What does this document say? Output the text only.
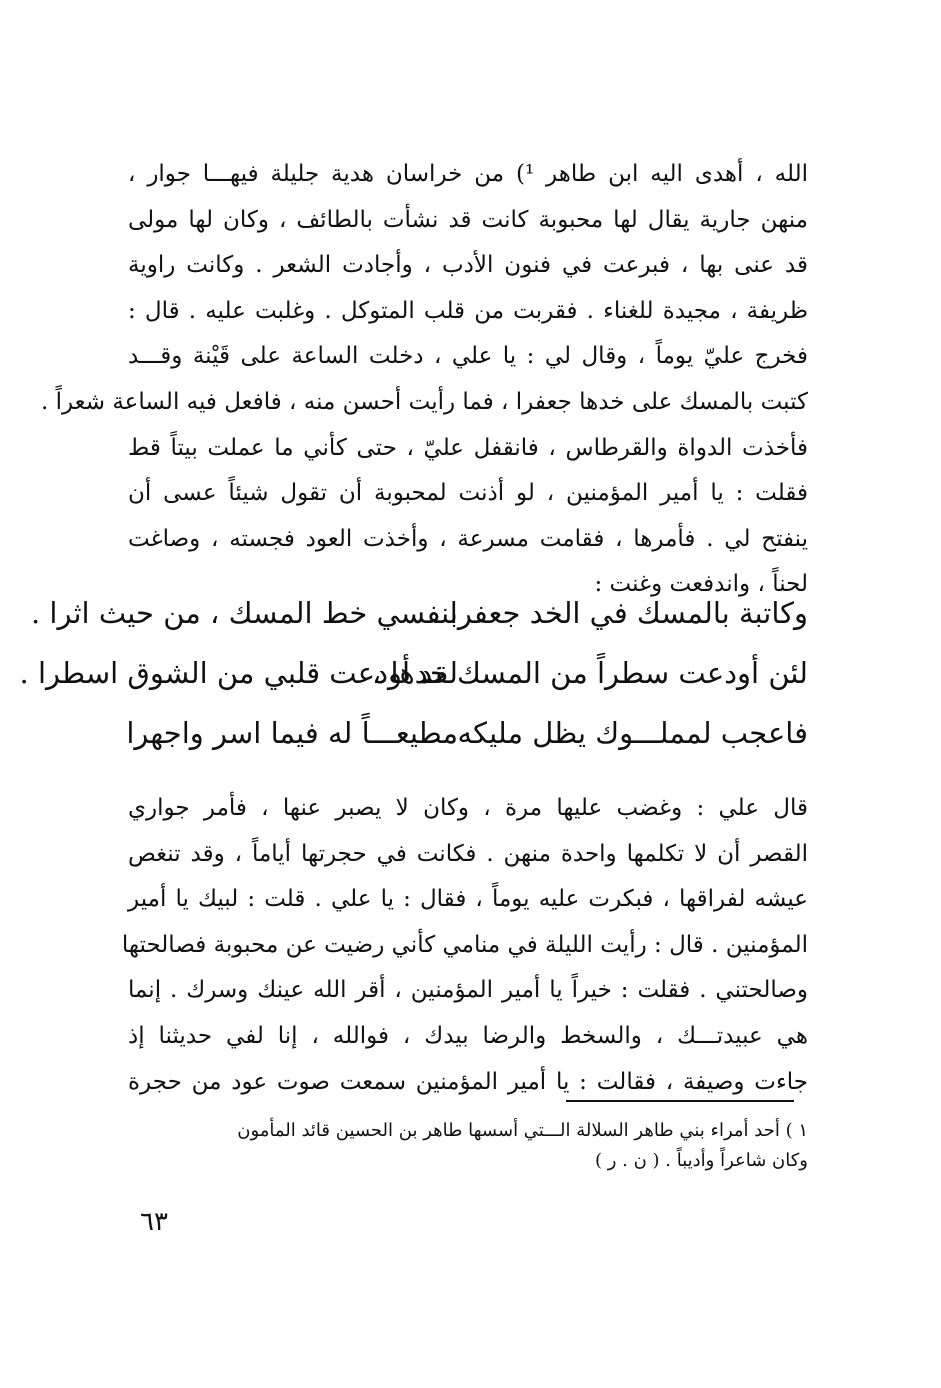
الله ، أهدى اليه ابن طاهر ¹) من خراسان هدية جليلة فيهـــا جوار ،
منهن جارية يقال لها محبوبة كانت قد نشأت بالطائف ، وكان لها مولى
قد عنى بها ، فبرعت في فنون الأدب ، وأجادت الشعر . وكانت راوية
ظريفة ، مجيدة للغناء . فقربت من قلب المتوكل . وغلبت عليه . قال :
فخرج عليّ يوماً ، وقال لي : يا علي ، دخلت الساعة على قَيْنة وقـــد
كتبت بالمسك على خدها جعفرا ، فما رأيت أحسن منه ، فافعل فيه الساعة شعراً .
فأخذت الدواة والقرطاس ، فانقفل عليّ ، حتى كأني ما عملت بيتاً قط
فقلت : يا أمير المؤمنين ، لو أذنت لمحبوبة أن تقول شيئاً عسى أن
ينفتح لي . فأمرها ، فقامت مسرعة ، وأخذت العود فجسته ، وصاغت
لحناً ، واندفعت وغنت :
وكاتبة بالمسك في الخد جعفرا ،
بنفسي خط المسك ، من حيث اثرا .
لئن أودعت سطراً من المسك خدها ،
لقد أودعت قلبي من الشوق اسطرا .
فاعجب لمملـــوك يظل مليكه
مطيعـــاً له فيما اسر واجهرا
قال علي : وغضب عليها مرة ، وكان لا يصبر عنها ، فأمر جواري
القصر أن لا تكلمها واحدة منهن . فكانت في حجرتها أياماً ، وقد تنغص
عيشه لفراقها ، فبكرت عليه يوماً ، فقال : يا علي . قلت : لبيك يا أمير
المؤمنين . قال : رأيت الليلة في منامي كأني رضيت عن محبوبة فصالحتها
وصالحتني . فقلت : خيراً يا أمير المؤمنين ، أقر الله عينك وسرك . إنما
هي عبيدتـــك ، والسخط والرضا بيدك ، فوالله ، إنا لفي حديثنا إذ
جاءت وصيفة ، فقالت : يا أمير المؤمنين سمعت صوت عود من حجرة
١ ) أحد أمراء بني طاهر السلالة الـــتي أسسها طاهر بن الحسين قائد المأمون
وكان شاعراً وأديباً . ( ن . ر )
٦٣
